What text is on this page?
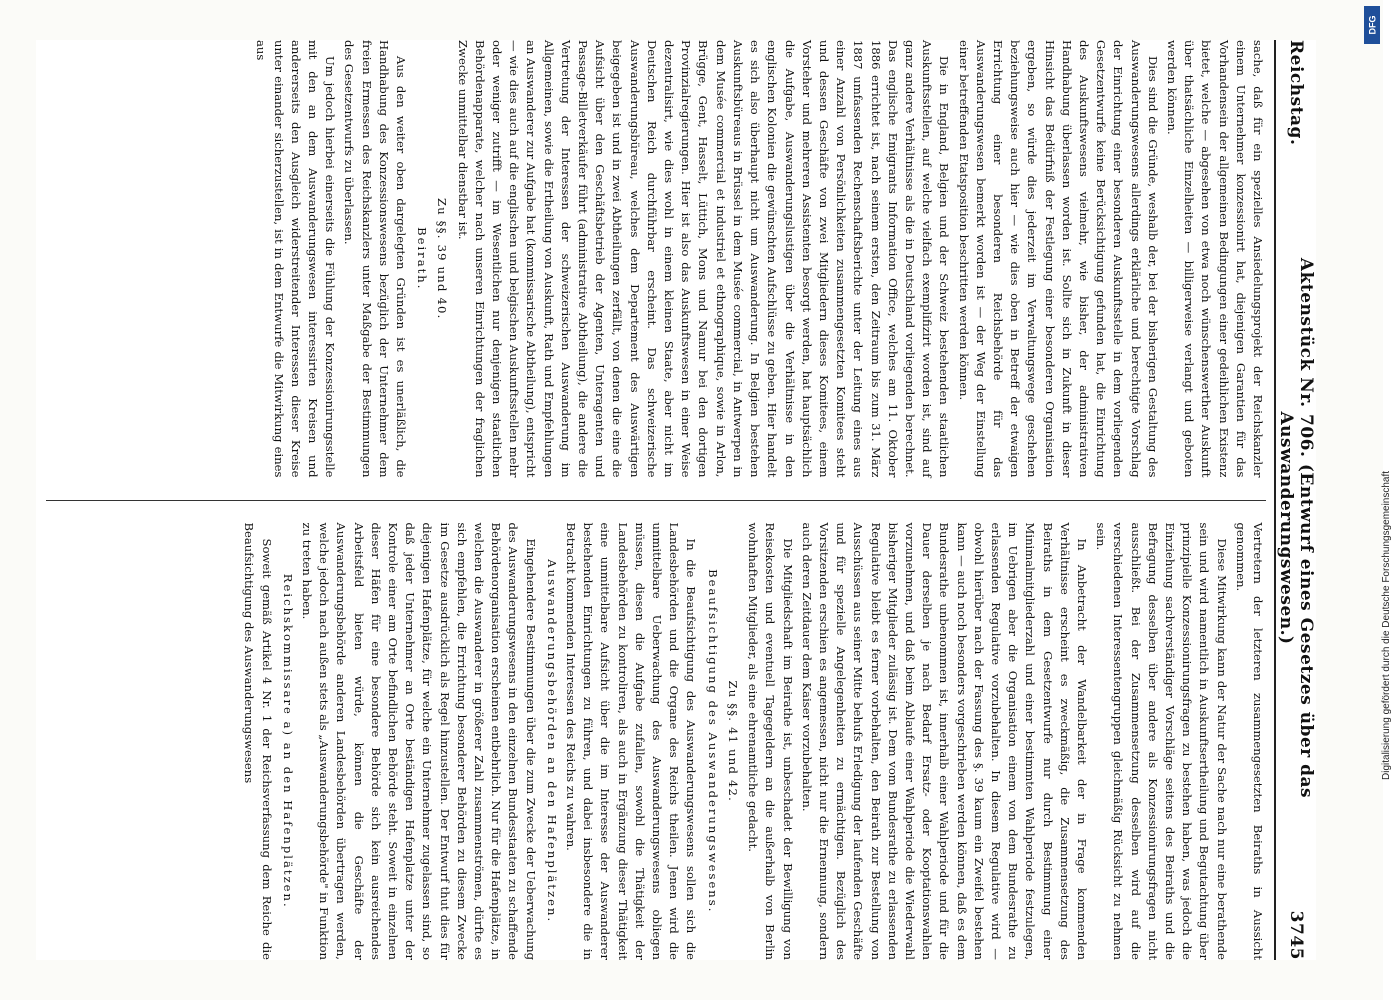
Reichstag.
Aktenstück Nr. 706. (Entwurf eines Gesetzes über das Auswanderungswesen.)
3745

sache, daß für ein spezielles Ansiedelungsprojekt der Reichskanzler einem Unternehmer konzessionirt hat, diejenigen Garantien für das Vorhandensein der allgemeinen Bedingungen einer gedeihlichen Existenz bietet, welche — abgesehen von etwa noch wünschenswerther Auskunft über thatsächliche Einzelheiten — billigerweise verlangt und geboten werden können.

Dies sind die Gründe, weshalb der, bei der bisherigen Gestaltung des Auswanderungswesens allerdings erklärliche und berechtigte Vorschlag der Einrichtung einer besonderen Auskunftsstelle in dem vorliegenden Gesetzentwurfe keine Berücksichtigung gefunden hat, die Einrichtung des Auskunftswesens vielmehr, wie bisher, der administrativen Handhabung überlassen worden ist. Sollte sich in Zukunft in dieser Hinsicht das Bedürfniß der Festlegung einer besonderen Organisation ergeben, so würde dies jederzeit im Verwaltungswege geschehen beziehungsweise auch hier — wie dies oben in Betreff der etwaigen Errichtung einer besonderen Reichsbehörde für das Auswanderungswesen bemerkt worden ist — der Weg der Einstellung einer betreffenden Etatsposition beschritten werden können.

Die in England, Belgien und der Schweiz bestehenden staatlichen Auskunftsstellen, auf welche vielfach exemplifizirt worden ist, sind auf ganz andere Verhältnisse als die in Deutschland vorliegenden berechnet. Das englische Emigrants Information Office, welches am 11. Oktober 1886 errichtet ist, nach seinem ersten, den Zeitraum bis zum 31. März 1887 umfassenden Rechenschaftsberichte unter der Leitung eines aus einer Anzahl von Persönlichkeiten zusammengesetzten Komitees steht und dessen Geschäfte von zwei Mitgliedern dieses Komitees, einem Vorsteher und mehreren Assistenten besorgt werden, hat hauptsächlich die Aufgabe, Auswanderungslustigen über die Verhältnisse in den englischen Kolonien die gewünschten Aufschlüsse zu geben. Hier handelt es sich also überhaupt nicht um Auswanderung. In Belgien bestehen Auskunftsbüreaus in Brüssel in dem Musée commercial, in Antwerpen in dem Musée commercial et industriel et ethnographique, sowie in Arlon, Brügge, Gent, Hasselt, Lüttich, Mons und Namur bei den dortigen Provinzialregierungen. Hier ist also das Auskunftswesen in einer Weise dezentralisirt, wie dies wohl in einem kleinen Staate, aber nicht im Deutschen Reich durchführbar erscheint. Das schweizerische Auswanderungsbüreau, welches dem Departement des Auswärtigen beigegeben ist und in zwei Abtheilungen zerfällt, von denen die eine die Aufsicht über den Geschäftsbetrieb der Agenten, Unteragenten und Passage-Billetverkäufer führt (administrative Abtheilung), die andere die Vertretung der Interessen der schweizerischen Auswanderung im Allgemeinen, sowie die Ertheilung von Auskunft, Rath und Empfehlungen an Auswanderer zur Aufgabe hat (kommissarische Abtheilung), entspricht — wie dies auch auf die englischen und belgischen Auskunftsstellen mehr oder weniger zutrifft — im Wesentlichen nur denjenigen staatlichen Behördenapparate, welcher nach unseren Einrichtungen der fraglichen Zwecke unmittelbar dienstbar ist.

Zu §§. 39 und 40.

Beirath.

Aus den weiter oben dargelegten Gründen ist es unerläßlich, die Handhabung des Konzessionswesens bezüglich der Unternehmer dem freien Ermessen des Reichskanzlers unter Maßgabe der Bestimmungen des Gesetzentwurfs zu überlassen.

Um jedoch hierbei einerseits die Fühlung der Konzessionirungsstelle mit den an dem Auswanderungswesen interessirten Kreisen und andererseits den Ausgleich widerstreitender Interessen dieser Kreise unter einander sicherzustellen, ist in dem Entwurfe die Mitwirkung eines aus

Vertretern der letzteren zusammengesetzten Beiraths in Aussicht genommen.

Diese Mitwirkung kann der Natur der Sache nach nur eine berathende sein und wird namentlich in Auskunftsertheilung und Begutachtung über prinzipielle Konzessionirungsfragen zu bestehen haben, was jedoch die Einziehung sachverständiger Vorschläge seitens des Beiraths und die Befragung desselben über andere als Konzessionirungsfragen nicht ausschließt. Bei der Zusammensetzung desselben wird auf die verschiedenen Interessentengruppen gleichmäßig Rücksicht zu nehmen sein.

In Anbetracht der Wandelbarkeit der in Frage kommenden Verhältnisse erscheint es zweckmäßig, die Zusammensetzung des Beiraths in dem Gesetzentwurfe nur durch Bestimmung einer Minimalmitgliederzahl und einer bestimmten Wahlperiode festzulegen, im Uebrigen aber die Organisation einem von dem Bundesrathe zu erlassenden Regulative vorzubehalten. In diesem Regulative wird — obwohl hierüber nach der Fassung des §. 39 kaum ein Zweifel bestehen kann — auch noch besonders vorgeschrieben werden können, daß es dem Bundesrathe unbenommen ist, innerhalb einer Wahlperiode und für die Dauer derselben je nach Bedarf Ersatz- oder Kooptationswahlen vorzunehmen, und daß beim Ablaufe einer Wahlperiode die Wiederwahl bisheriger Mitglieder zulässig ist. Dem vom Bundesrathe zu erlassenden Regulative bleibt es ferner vorbehalten, den Beirath zur Bestellung von Ausschüssen aus seiner Mitte behufs Erledigung der laufenden Geschäfte und für spezielle Angelegenheiten zu ermächtigen. Bezüglich des Vorsitzenden erschien es angemessen, nicht nur die Ernennung, sondern auch deren Zeitdauer dem Kaiser vorzubehalten.

Die Mitgliedschaft im Beirathe ist, unbeschadet der Bewilligung von Reisekosten und eventuell Tagegeldern an die außerhalb von Berlin wohnhaften Mitglieder, als eine ehrenamtliche gedacht.

Zu §§. 41 und 42.

Beaufsichtigung des Auswanderungswesens.

In die Beaufsichtigung des Auswanderungswesens sollen sich die Landesbehörden und die Organe des Reichs theilen. Jenen wird die unmittelbare Ueberwachung des Auswanderungswesens obliegen müssen, diesen die Aufgabe zufallen, sowohl die Thätigkeit der Landesbehörden zu kontroliren, als auch in Ergänzung dieser Thätigkeit eine unmittelbare Aufsicht über die im Interesse der Auswanderer bestehenden Einrichtungen zu führen, und dabei insbesondere die in Betracht kommenden Interessen des Reichs zu wahren.

Auswanderungsbehörden an den Hafenplätzen.

Eingehendere Bestimmungen über die zum Zwecke der Ueberwachung des Auswanderungswesens in den einzelnen Bundesstaaten zu schaffende Behördenorganisation erscheinen entbehrlich. Nur für die Hafenplätze, in welchen die Auswanderer in größerer Zahl zusammenströmen, dürfte es sich empfehlen, die Errichtung besonderer Behörden zu diesem Zwecke im Gesetze ausdrücklich als Regel hinzustellen. Der Entwurf thut dies für diejenigen Hafenplätze, für welche ein Unternehmer zugelassen sind, so daß jeder Unternehmer an Orte beständigen Hafenplatze unter der Kontrole einer am Orte befindlichen Behörde steht. Soweit in einzelnen dieser Häfen für eine besondere Behörde sich kein ausreichendes Arbeitsfeld bieten würde, können die Geschäfte der Auswanderungsbehörde anderen Landesbehörden übertragen werden, welche jedoch nach außen stets als „Auswanderungsbehörde" in Funktion zu treten haben.

Reichskommissare a) an den Hafenplätzen.

Soweit gemäß Artikel 4 Nr. 1 der Reichsverfassung dem Reiche die Beaufsichtigung des Auswanderungswesens	Digitalisierung gefördert durch die Deutsche Forschungsgemeinschaft
DFG
